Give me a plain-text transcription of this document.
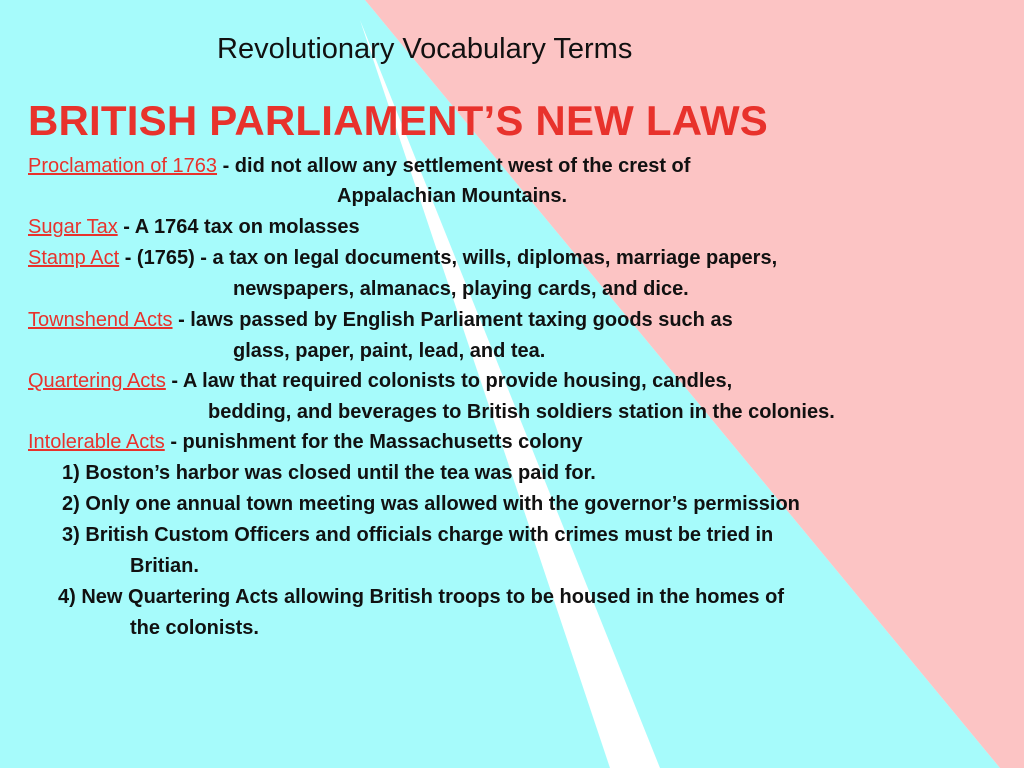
Revolutionary Vocabulary Terms
BRITISH PARLIAMENT’S NEW LAWS
Proclamation of 1763 - did not allow any settlement west of the crest of
Appalachian Mountains.
Sugar Tax - A 1764 tax on molasses
Stamp Act - (1765) - a tax on legal documents, wills, diplomas, marriage papers,
newspapers, almanacs, playing cards, and dice.
Townshend Acts - laws passed by English Parliament taxing goods such as
glass, paper, paint, lead, and tea.
Quartering Acts - A law that required colonists to provide housing, candles,
bedding, and beverages to British soldiers station in the colonies.
Intolerable Acts - punishment for the Massachusetts colony
1) Boston’s harbor was closed until the tea was paid for.
2) Only one annual town meeting was allowed with the governor’s permission
3) British Custom Officers and officials charge with crimes must be tried in
Britian.
4) New Quartering Acts allowing British troops to be housed in the homes of
the colonists.
